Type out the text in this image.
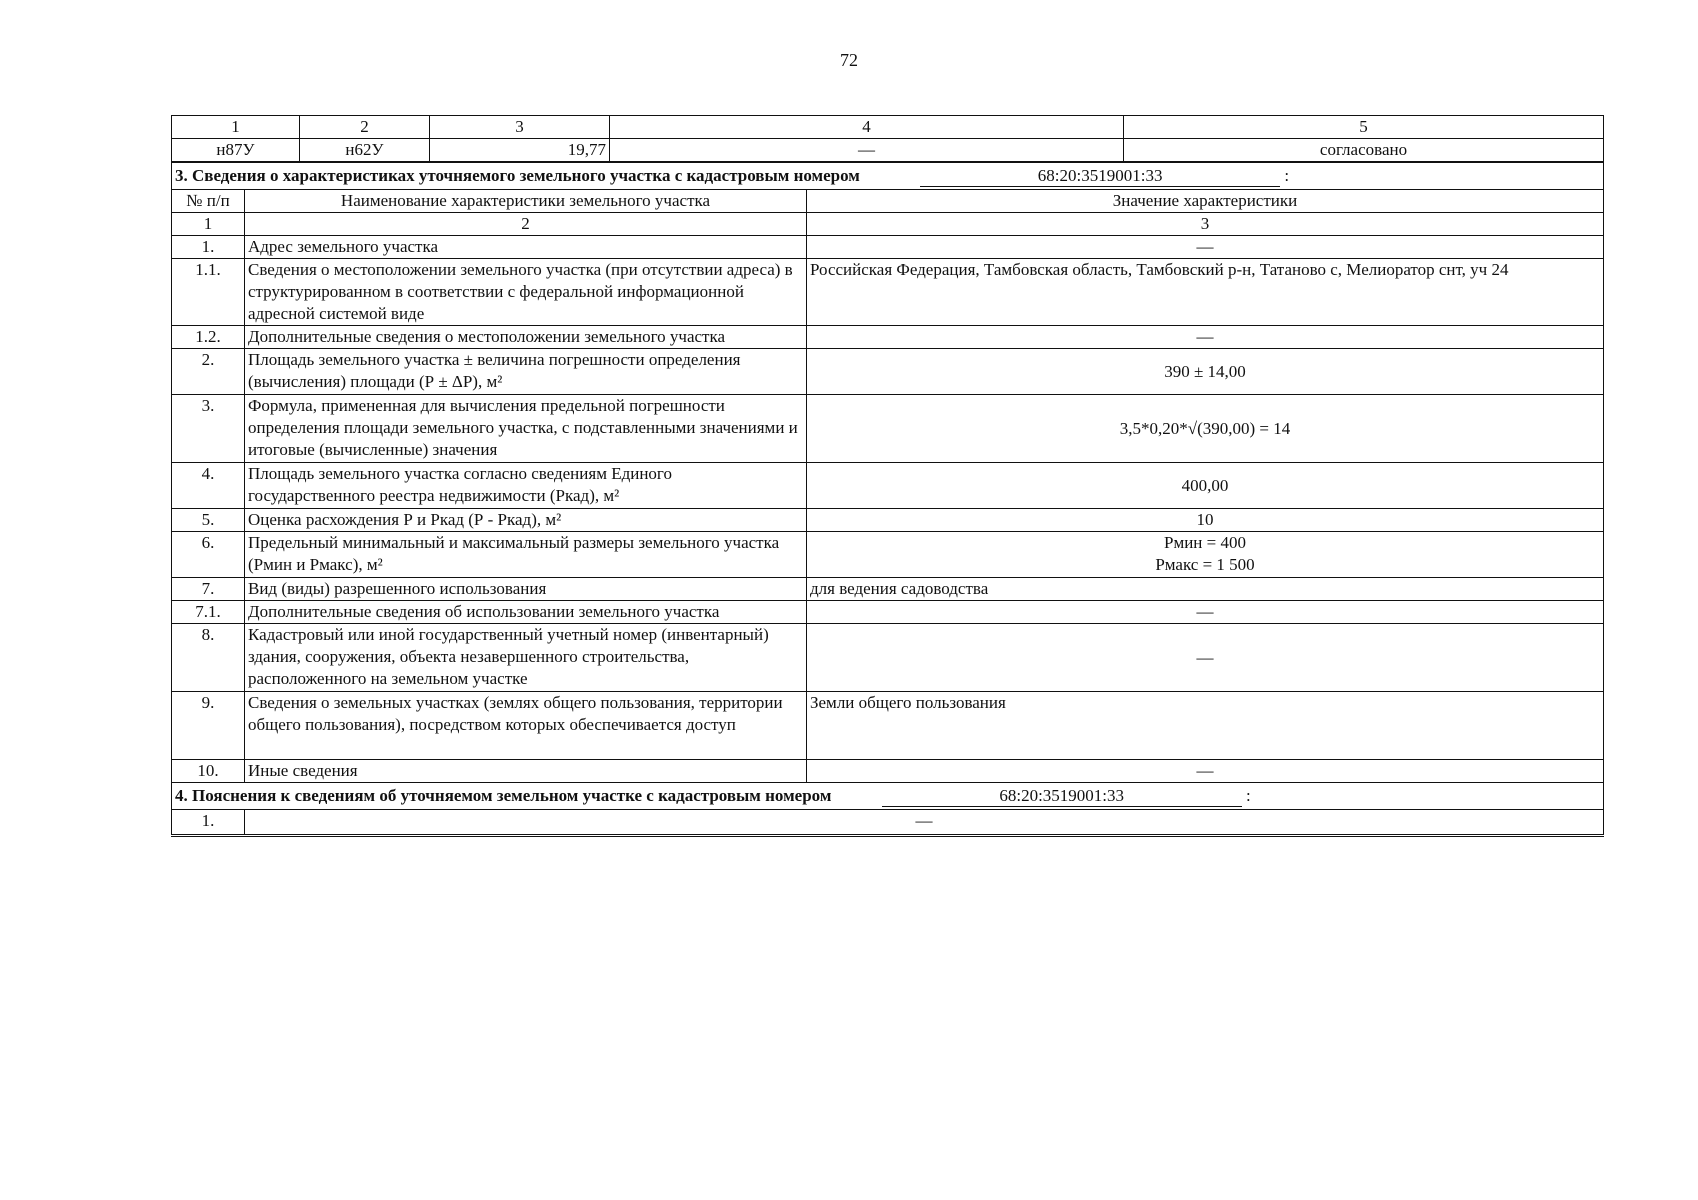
72
1	2	3	4	5
н87У	н62У	19,77	—	согласовано
3. Сведения о характеристиках уточняемого земельного участка с кадастровым номером 68:20:3519001:33 :		
№ п/п	Наименование характеристики земельного участка	Значение характеристики
1	2	3
1.	Адрес земельного участка	—
1.1.	Сведения о местоположении земельного участка (при отсутствии адреса) в структурированном в соответствии с федеральной информационной адресной системой виде	Российская Федерация, Тамбовская область, Тамбовский р-н, Татаново с, Мелиоратор снт, уч 24
1.2.	Дополнительные сведения о местоположении земельного участка	—
2.	Площадь земельного участка ± величина погрешности определения (вычисления) площади (Р ± ΔР), м²	390 ± 14,00
3.	Формула, примененная для вычисления предельной погрешности определения площади земельного участка, с подставленными значениями и итоговые (вычисленные) значения	3,5*0,20*√(390,00) = 14
4.	Площадь земельного участка согласно сведениям Единого государственного реестра недвижимости (Ркад), м²	400,00
5.	Оценка расхождения Р и Ркад (Р - Ркад), м²	10
6.	Предельный минимальный и максимальный размеры земельного участка (Рмин и Рмакс), м²	Рмин = 400
Рмакс = 1 500

7.	Вид (виды) разрешенного использования	для ведения садоводства
7.1.	Дополнительные сведения об использовании земельного участка	—
8.	Кадастровый или иной государственный учетный номер (инвентарный) здания, сооружения, объекта незавершенного строительства, расположенного на земельном участке	—
9.	Сведения о земельных участках (землях общего пользования, территории общего пользования), посредством которых обеспечивается доступ	Земли общего пользования
10.	Иные сведения	—
4. Пояснения к сведениям об уточняемом земельном участке с кадастровым номером 68:20:3519001:33 :		
1.	—	
